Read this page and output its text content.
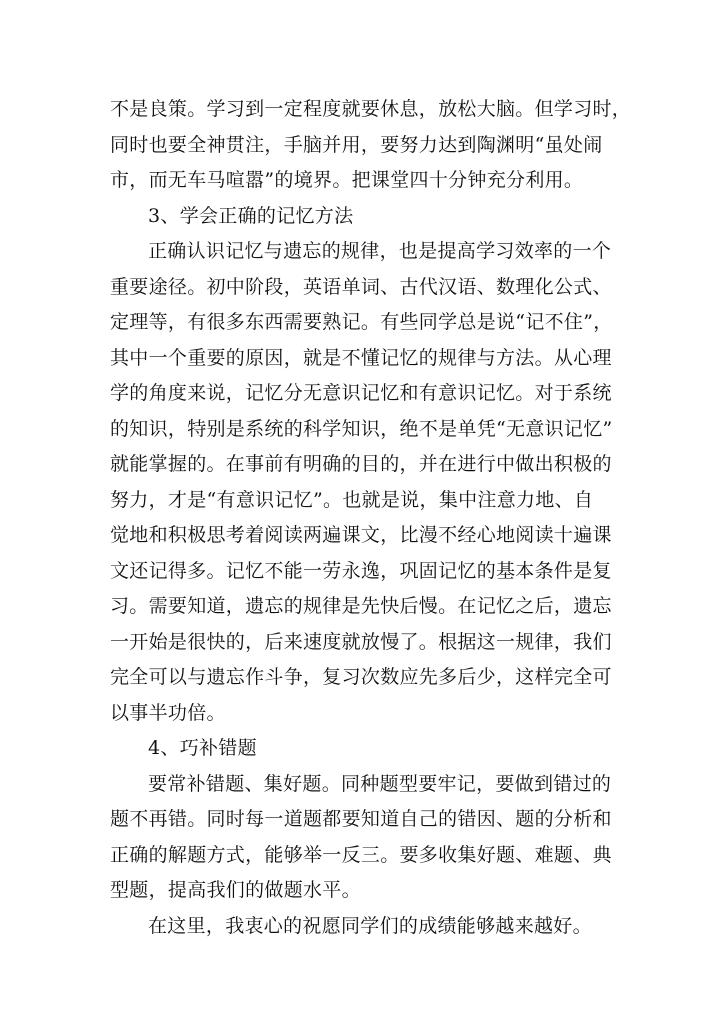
不是良策。学习到一定程度就要休息，放松大脑。但学习时，
同时也要全神贯注，手脑并用，要努力达到陶渊明“虽处闹
市，而无车马喧嚣”的境界。把课堂四十分钟充分利用。
3、学会正确的记忆方法
正确认识记忆与遗忘的规律，也是提高学习效率的一个
重要途径。初中阶段，英语单词、古代汉语、数理化公式、
定理等，有很多东西需要熟记。有些同学总是说“记不住”，
其中一个重要的原因，就是不懂记忆的规律与方法。从心理
学的角度来说，记忆分无意识记忆和有意识记忆。对于系统
的知识，特别是系统的科学知识，绝不是单凭“无意识记忆”
就能掌握的。在事前有明确的目的，并在进行中做出积极的
努力，才是“有意识记忆”。也就是说，集中注意力地、自
觉地和积极思考着阅读两遍课文，比漫不经心地阅读十遍课
文还记得多。记忆不能一劳永逸，巩固记忆的基本条件是复
习。需要知道，遗忘的规律是先快后慢。在记忆之后，遗忘
一开始是很快的，后来速度就放慢了。根据这一规律，我们
完全可以与遗忘作斗争，复习次数应先多后少，这样完全可
以事半功倍。
4、巧补错题
要常补错题、集好题。同种题型要牢记，要做到错过的
题不再错。同时每一道题都要知道自己的错因、题的分析和
正确的解题方式，能够举一反三。要多收集好题、难题、典
型题，提高我们的做题水平。
在这里，我衷心的祝愿同学们的成绩能够越来越好。
